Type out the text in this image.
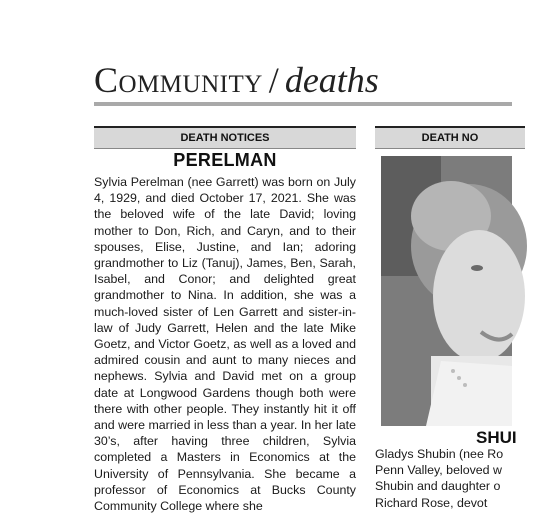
Community / deaths
DEATH NOTICES	DEATH NO
PERELMAN
Sylvia Perelman (nee Garrett) was born on July 4, 1929, and died October 17, 2021. She was the beloved wife of the late David; loving mother to Don, Rich, and Caryn, and to their spouses, Elise, Justine, and Ian; adoring grandmother to Liz (Tanuj), James, Ben, Sarah, Isabel, and Conor; and delighted great grandmother to Nina. In addition, she was a much-loved sister of Len Garrett and sister-in-law of Judy Garrett, Helen and the late Mike Goetz, and Victor Goetz, as well as a loved and admired cousin and aunt to many nieces and nephews. Sylvia and David met on a group date at Longwood Gardens though both were there with other people. They instantly hit it off and were married in less than a year. In her late 30’s, after having three children, Sylvia completed a Masters in Economics at the University of Pennsylvania. She became a professor of Economics at Bucks County Community College where she
SHUI
Gladys Shubin (nee Ro
Penn Valley, beloved w
Shubin and daughter o
Richard Rose, devot
